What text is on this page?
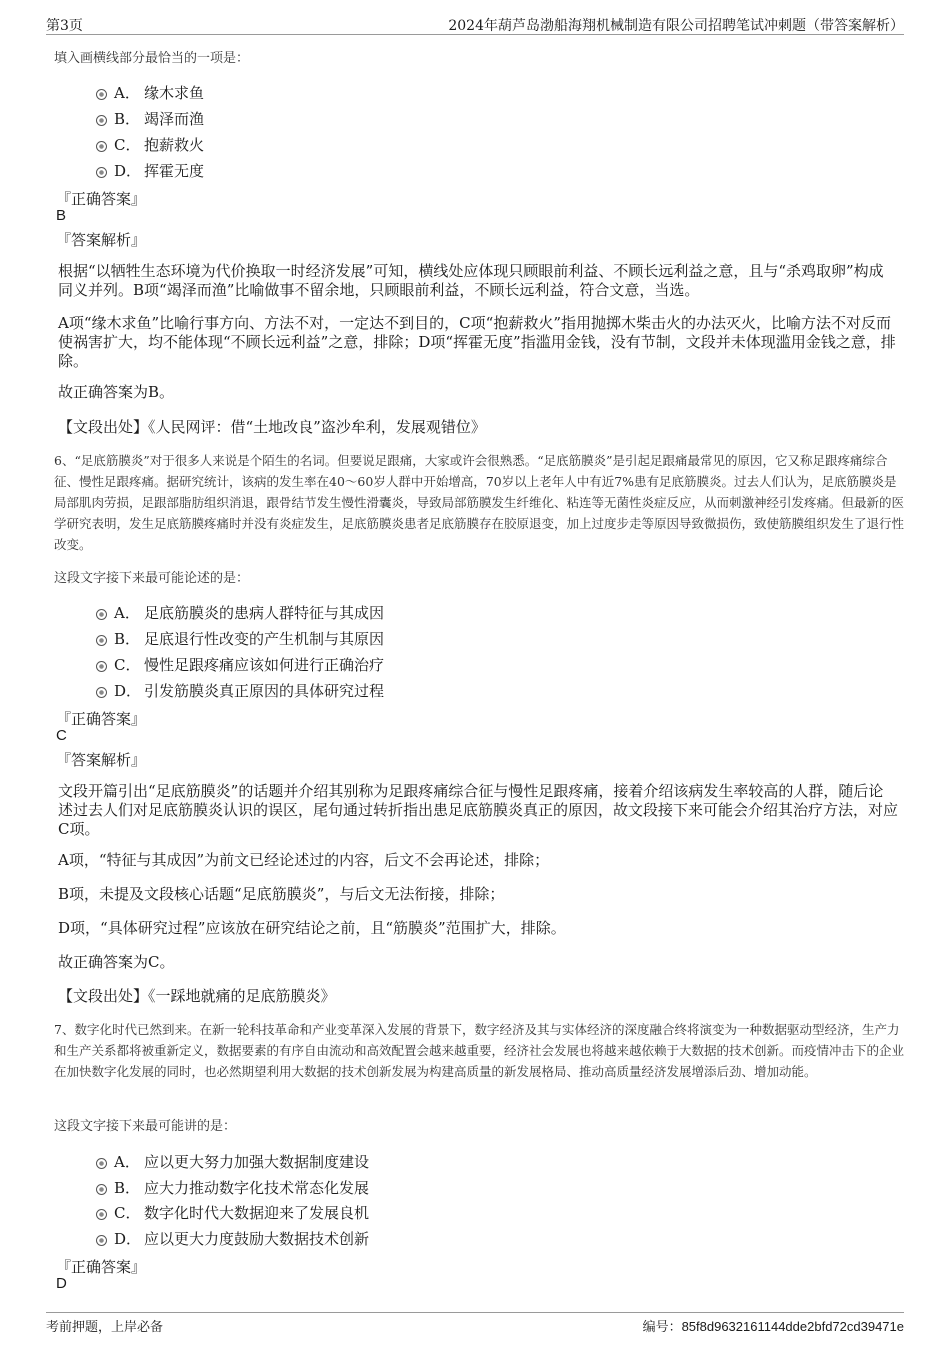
第3页	2024年葫芦岛渤船海翔机械制造有限公司招聘笔试冲刺题（带答案解析）
填入画横线部分最恰当的一项是：
A． 缘木求鱼
B． 竭泽而渔
C． 抱薪救火
D． 挥霍无度
『正确答案』
B
『答案解析』
根据“以牺牲生态环境为代价换取一时经济发展”可知，横线处应体现只顾眼前利益、不顾长远利益之意，且与“杀鸡取卵”构成同义并列。B项“竭泽而渔”比喻做事不留余地，只顾眼前利益，不顾长远利益，符合文意，当选。
A项“缘木求鱼”比喻行事方向、方法不对，一定达不到目的，C项“抱薪救火”指用抛掷木柴击火的办法灭火，比喻方法不对反而使祸害扩大，均不能体现“不顾长远利益”之意，排除；D项“挥霍无度”指滥用金钱，没有节制，文段并未体现滥用金钱之意，排除。
故正确答案为B。
【文段出处】《人民网评：借“土地改良”盗沙牟利，发展观错位》
6、“足底筋膜炎”对于很多人来说是个陌生的名词。但要说足跟痛，大家或许会很熟悉。“足底筋膜炎”是引起足跟痛最常见的原因，它又称足跟疼痛综合征、慢性足跟疼痛。据研究统计，该病的发生率在40～60岁人群中开始增高，70岁以上老年人中有近7%患有足底筋膜炎。过去人们认为，足底筋膜炎是局部肌肉劳损，足跟部脂肪组织消退，跟骨结节发生慢性滑囊炎，导致局部筋膜发生纤维化、粘连等无菌性炎症反应，从而刺激神经引发疼痛。但最新的医学研究表明，发生足底筋膜疼痛时并没有炎症发生，足底筋膜炎患者足底筋膜存在胶原退变，加上过度步走等原因导致微损伤，致使筋膜组织发生了退行性改变。
这段文字接下来最可能论述的是：
A． 足底筋膜炎的患病人群特征与其成因
B． 足底退行性改变的产生机制与其原因
C． 慢性足跟疼痛应该如何进行正确治疗
D． 引发筋膜炎真正原因的具体研究过程
『正确答案』
C
『答案解析』
文段开篇引出“足底筋膜炎”的话题并介绍其别称为足跟疼痛综合征与慢性足跟疼痛，接着介绍该病发生率较高的人群，随后论述过去人们对足底筋膜炎认识的误区，尾句通过转折指出患足底筋膜炎真正的原因，故文段接下来可能会介绍其治疗方法，对应C项。
A项，“特征与其成因”为前文已经论述过的内容，后文不会再论述，排除；
B项，未提及文段核心话题“足底筋膜炎”，与后文无法衔接，排除；
D项，“具体研究过程”应该放在研究结论之前，且“筋膜炎”范围扩大，排除。
故正确答案为C。
【文段出处】《一踩地就痛的足底筋膜炎》
7、数字化时代已然到来。在新一轮科技革命和产业变革深入发展的背景下，数字经济及其与实体经济的深度融合终将演变为一种数据驱动型经济，生产力和生产关系都将被重新定义，数据要素的有序自由流动和高效配置会越来越重要，经济社会发展也将越来越依赖于大数据的技术创新。而疫情冲击下的企业在加快数字化发展的同时，也必然期望利用大数据的技术创新发展为构建高质量的新发展格局、推动高质量经济发展增添后劲、增加动能。
这段文字接下来最可能讲的是：
A． 应以更大努力加强大数据制度建设
B． 应大力推动数字化技术常态化发展
C． 数字化时代大数据迎来了发展良机
D． 应以更大力度鼓励大数据技术创新
『正确答案』
D
考前押题，上岸必备	编号：85f8d9632161144dde2bfd72cd39471e
